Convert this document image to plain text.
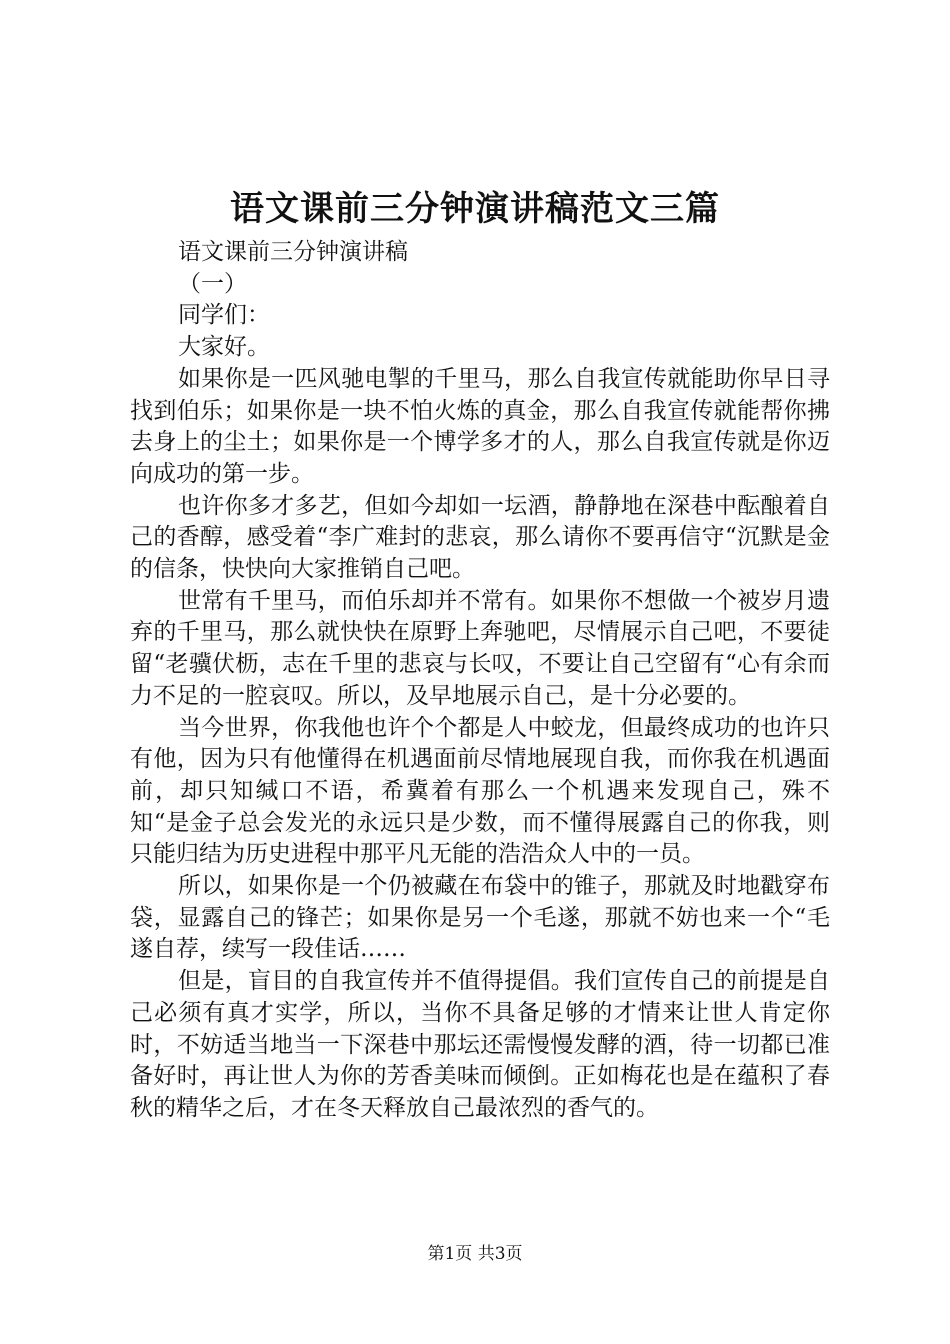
语文课前三分钟演讲稿范文三篇

语文课前三分钟演讲稿

（一）

同学们：

大家好。

如果你是一匹风驰电掣的千里马，那么自我宣传就能助你早日寻找到伯乐；如果你是一块不怕火炼的真金，那么自我宣传就能帮你拂去身上的尘土；如果你是一个博学多才的人，那么自我宣传就是你迈向成功的第一步。

也许你多才多艺，但如今却如一坛酒，静静地在深巷中酝酿着自己的香醇，感受着“李广难封的悲哀，那么请你不要再信守“沉默是金的信条，快快向大家推销自己吧。

世常有千里马，而伯乐却并不常有。如果你不想做一个被岁月遗弃的千里马，那么就快快在原野上奔驰吧，尽情展示自己吧，不要徒留“老骥伏枥，志在千里的悲哀与长叹，不要让自己空留有“心有余而力不足的一腔哀叹。所以，及早地展示自己，是十分必要的。

当今世界，你我他也许个个都是人中蛟龙，但最终成功的也许只有他，因为只有他懂得在机遇面前尽情地展现自我，而你我在机遇面前，却只知缄口不语，希冀着有那么一个机遇来发现自己，殊不知“是金子总会发光的永远只是少数，而不懂得展露自己的你我，则只能归结为历史进程中那平凡无能的浩浩众人中的一员。

所以，如果你是一个仍被藏在布袋中的锥子，那就及时地戳穿布袋，显露自己的锋芒；如果你是另一个毛遂，那就不妨也来一个“毛遂自荐，续写一段佳话……

但是，盲目的自我宣传并不值得提倡。我们宣传自己的前提是自己必须有真才实学，所以，当你不具备足够的才情来让世人肯定你时，不妨适当地当一下深巷中那坛还需慢慢发酵的酒，待一切都已准备好时，再让世人为你的芳香美味而倾倒。正如梅花也是在蕴积了春秋的精华之后，才在冬天释放自己最浓烈的香气的。

第1页 共3页
